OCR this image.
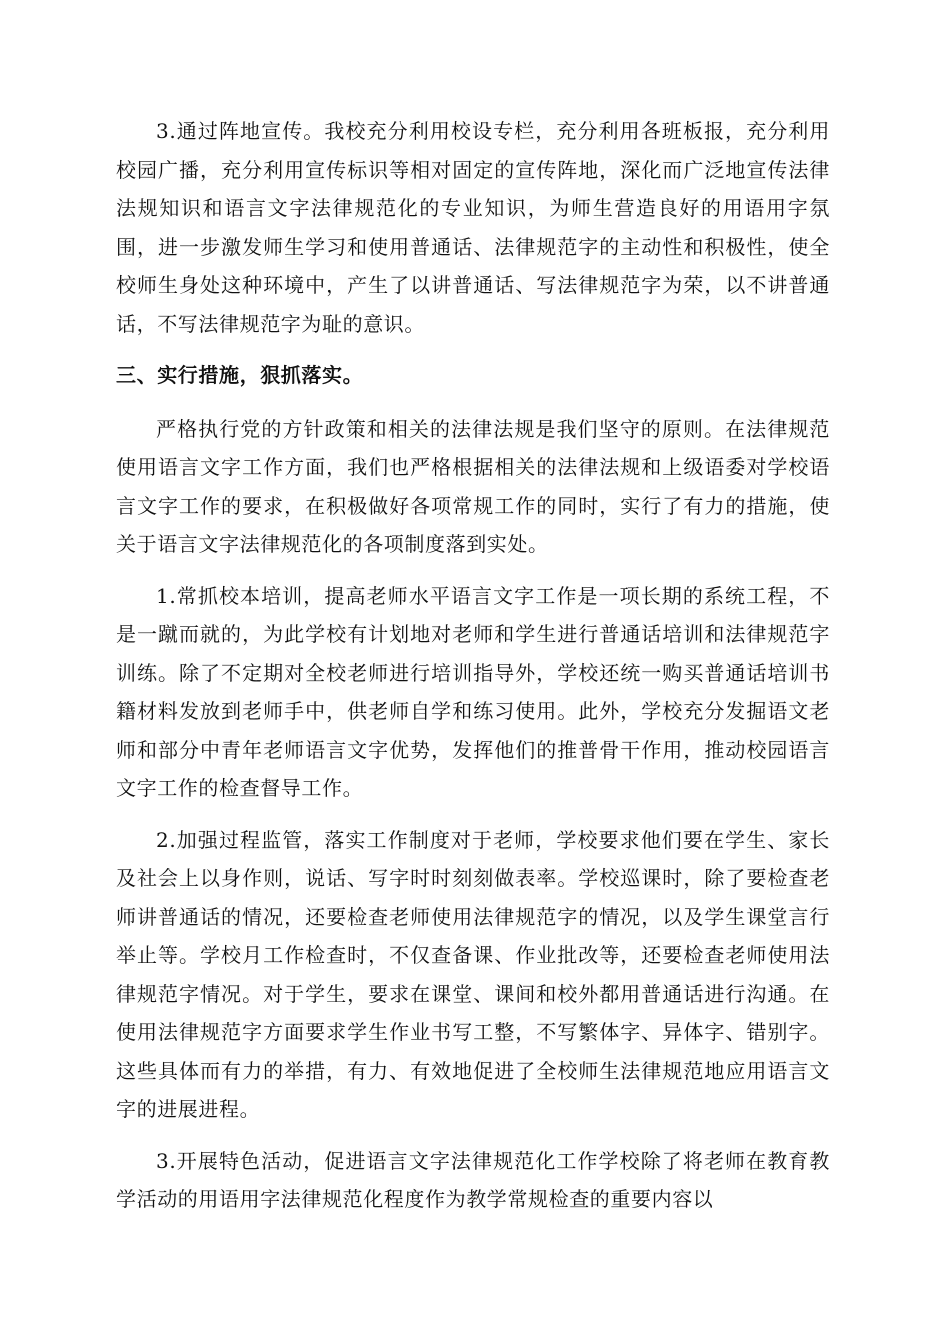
3.通过阵地宣传。我校充分利用校设专栏，充分利用各班板报，充分利用校园广播，充分利用宣传标识等相对固定的宣传阵地，深化而广泛地宣传法律法规知识和语言文字法律规范化的专业知识，为师生营造良好的用语用字氛围，进一步激发师生学习和使用普通话、法律规范字的主动性和积极性，使全校师生身处这种环境中，产生了以讲普通话、写法律规范字为荣，以不讲普通话，不写法律规范字为耻的意识。

三、实行措施，狠抓落实。

严格执行党的方针政策和相关的法律法规是我们坚守的原则。在法律规范使用语言文字工作方面，我们也严格根据相关的法律法规和上级语委对学校语言文字工作的要求，在积极做好各项常规工作的同时，实行了有力的措施，使关于语言文字法律规范化的各项制度落到实处。

1.常抓校本培训，提高老师水平语言文字工作是一项长期的系统工程，不是一蹴而就的，为此学校有计划地对老师和学生进行普通话培训和法律规范字训练。除了不定期对全校老师进行培训指导外，学校还统一购买普通话培训书籍材料发放到老师手中，供老师自学和练习使用。此外，学校充分发掘语文老师和部分中青年老师语言文字优势，发挥他们的推普骨干作用，推动校园语言文字工作的检查督导工作。

2.加强过程监管，落实工作制度对于老师，学校要求他们要在学生、家长及社会上以身作则，说话、写字时时刻刻做表率。学校巡课时，除了要检查老师讲普通话的情况，还要检查老师使用法律规范字的情况，以及学生课堂言行举止等。学校月工作检查时，不仅查备课、作业批改等，还要检查老师使用法律规范字情况。对于学生，要求在课堂、课间和校外都用普通话进行沟通。在使用法律规范字方面要求学生作业书写工整，不写繁体字、异体字、错别字。这些具体而有力的举措，有力、有效地促进了全校师生法律规范地应用语言文字的进展进程。

3.开展特色活动，促进语言文字法律规范化工作学校除了将老师在教育教学活动的用语用字法律规范化程度作为教学常规检查的重要内容以
